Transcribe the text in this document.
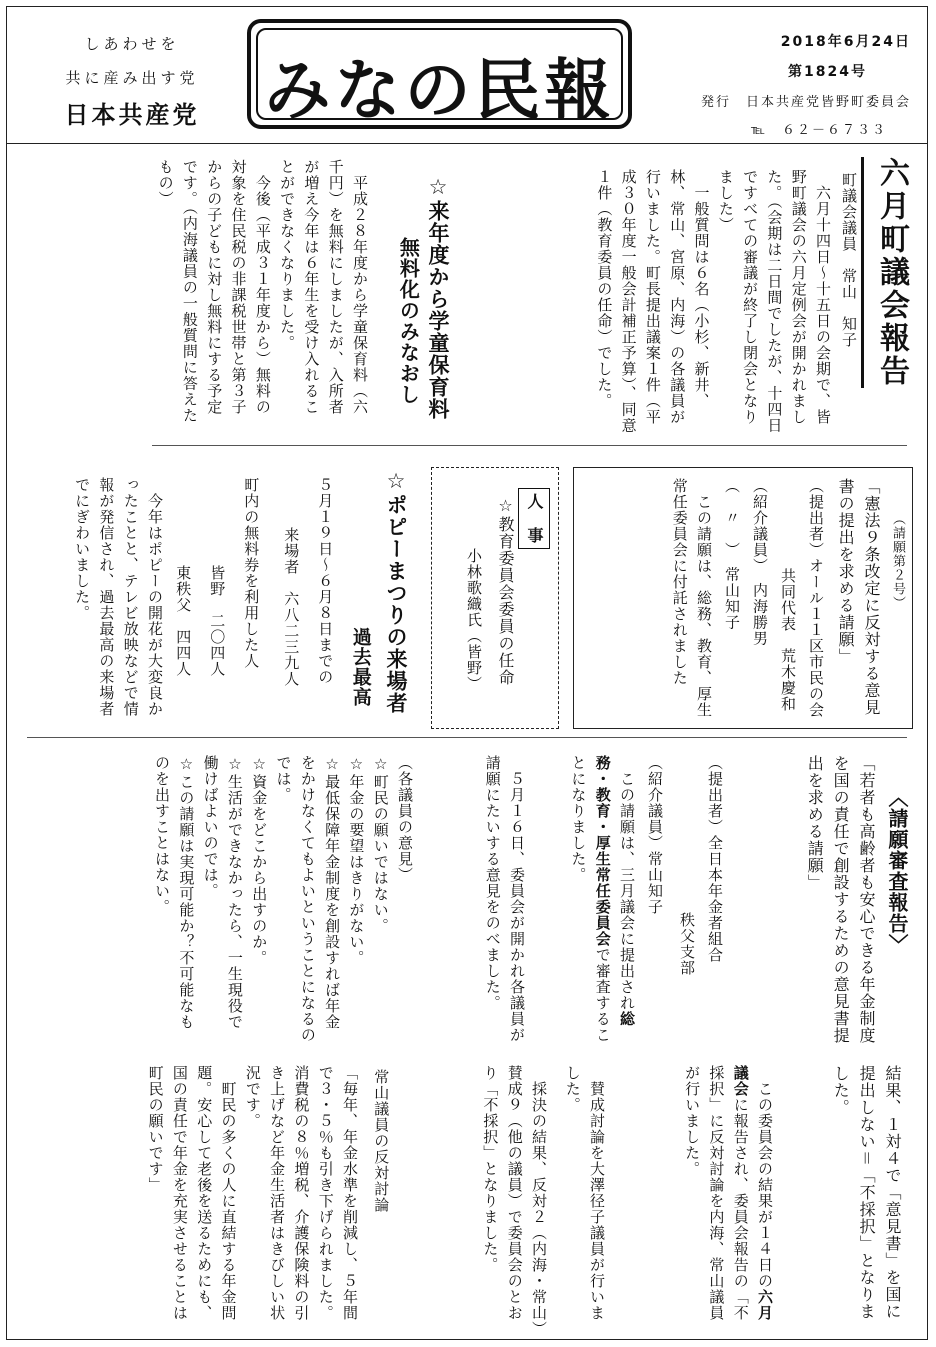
しあわせを
共に産み出す党
日本共産党 みなの民報
2018年6月24日
第1824号
発行　日本共産党皆野町委員会
℡　６２－６７３３
六月町議会報告
町議会議員　常山　知子
　六月十四日～十五日の会期で、皆野町議会の六月定例会が開かれました。（会期は二日間でしたが、十四日ですべての審議が終了し閉会となりました）
　一般質問は６名（小杉、新井、林、常山、宮原、内海）の各議員が行いました。町長提出議案１件（平成３０年度一般会計補正予算）、同意１件（教育委員の任命）でした。
☆来年度から学童保育料
無料化のみなおし
　平成２８年度から学童保育料（六千円）を無料にしましたが、入所者が増え今年は６年生を受け入れることができなくなりました。
　今後（平成３１年度から）無料の対象を住民税の非課税世帯と第３子からの子どもに対し無料にする予定です。（内海議員の一般質問に答えたもの）
（請願第２号）
「憲法９条改定に反対する意見書の提出を求める請願」
（提出者）オール１１区市民の会
共同代表　荒木慶和
（紹介議員）　内海勝男
（　〃　）　常山知子
　この請願は、総務、教育、厚生常任委員会に付託されました
人　事
☆教育委員会委員の任命
小林歌織氏（皆野）
☆ポピーまつりの来場者
過去最高
５月１９日～６月８日までの
来場者　六八二三九人
町内の無料券を利用した人
皆野　二〇四人
東秩父　四四人
　今年はポピーの開花が大変良かったことと、テレビ放映などで情報が発信され、過去最高の来場者でにぎわいました。
〈請願審査報告〉
「若者も高齢者も安心できる年金制度を国の責任で創設するための意見書提出を求める請願」
（提出者）全日本年金者組合
秩父支部
（紹介議員）常山知子
　この請願は、三月議会に提出され総務・教育・厚生常任委員会で審査することになりました。
　５月１６日、委員会が開かれ各議員が請願にたいする意見をのべました。
（各議員の意見）
☆町民の願いではない。
☆年金の要望はきりがない。
☆最低保障年金制度を創設すれば年金をかけなくてもよいということになるのでは。
☆資金をどこから出すのか。
☆生活ができなかったら、一生現役で働けばよいのでは。
☆この請願は実現可能か？不可能なものを出すことはない。
結果、１対４で「意見書」を国に提出しない＝「不採択」となりました。
　この委員会の結果が１４日の六月議会に報告され、委員会報告の「不採択」に反対討論を内海、常山議員が行いました。
　賛成討論を大澤径子議員が行いました。
　採決の結果、反対２（内海・常山）賛成９（他の議員）で委員会のとおり「不採択」となりました。
常山議員の反対討論
「毎年、年金水準を削減し、５年間で３・５％も引き下げられました。消費税の８％増税、介護保険料の引き上げなど年金生活者はきびしい状況です。
　町民の多くの人に直結する年金問題。安心して老後を送るためにも、国の責任で年金を充実させることは町民の願いです」
